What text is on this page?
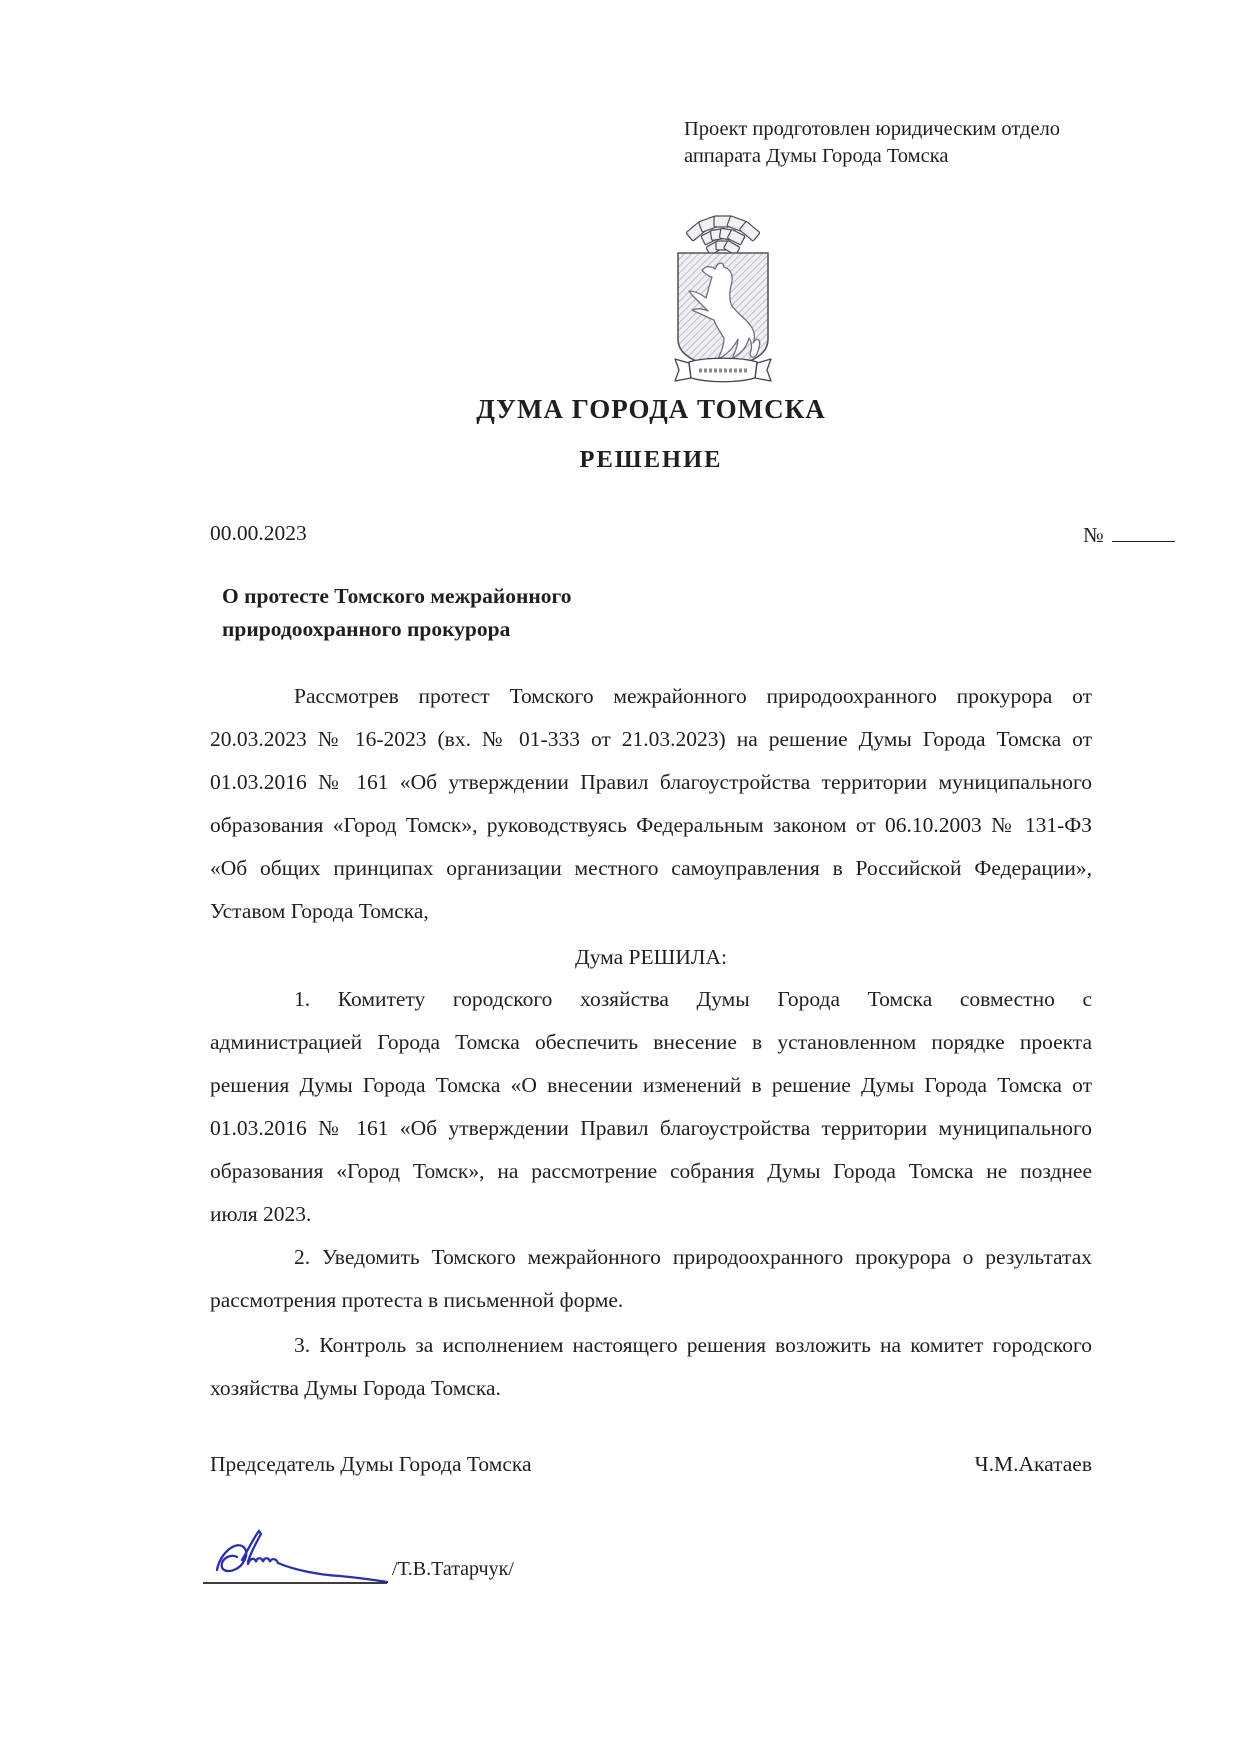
Проект продготовлен юридическим отдело
аппарата Думы Города Томска
ДУМА ГОРОДА ТОМСКА
РЕШЕНИЕ
00.00.2023	№
О протесте Томского межрайонного
природоохранного прокурора
Рассмотрев протест Томского межрайонного природоохранного прокурора от
20.03.2023 № 16-2023 (вх. № 01-333 от 21.03.2023) на решение Думы Города Томска от
01.03.2016 № 161 «Об утверждении Правил благоустройства территории муниципального
образования «Город Томск», руководствуясь Федеральным законом от 06.10.2003 № 131-ФЗ
«Об общих принципах организации местного самоуправления в Российской Федерации»,
Уставом Города Томска,
Дума РЕШИЛА:
1. Комитету городского хозяйства Думы Города Томска совместно с
администрацией Города Томска обеспечить внесение в установленном порядке проекта
решения Думы Города Томска «О внесении изменений в решение Думы Города Томска от
01.03.2016 № 161 «Об утверждении Правил благоустройства территории муниципального
образования «Город Томск», на рассмотрение собрания Думы Города Томска не позднее
июля 2023.
2. Уведомить Томского межрайонного природоохранного прокурора о результатах
рассмотрения протеста в письменной форме.
3. Контроль за исполнением настоящего решения возложить на комитет городского
хозяйства Думы Города Томска.
Председатель Думы Города Томска	Ч.М.Акатаев
/Т.В.Татарчук/
